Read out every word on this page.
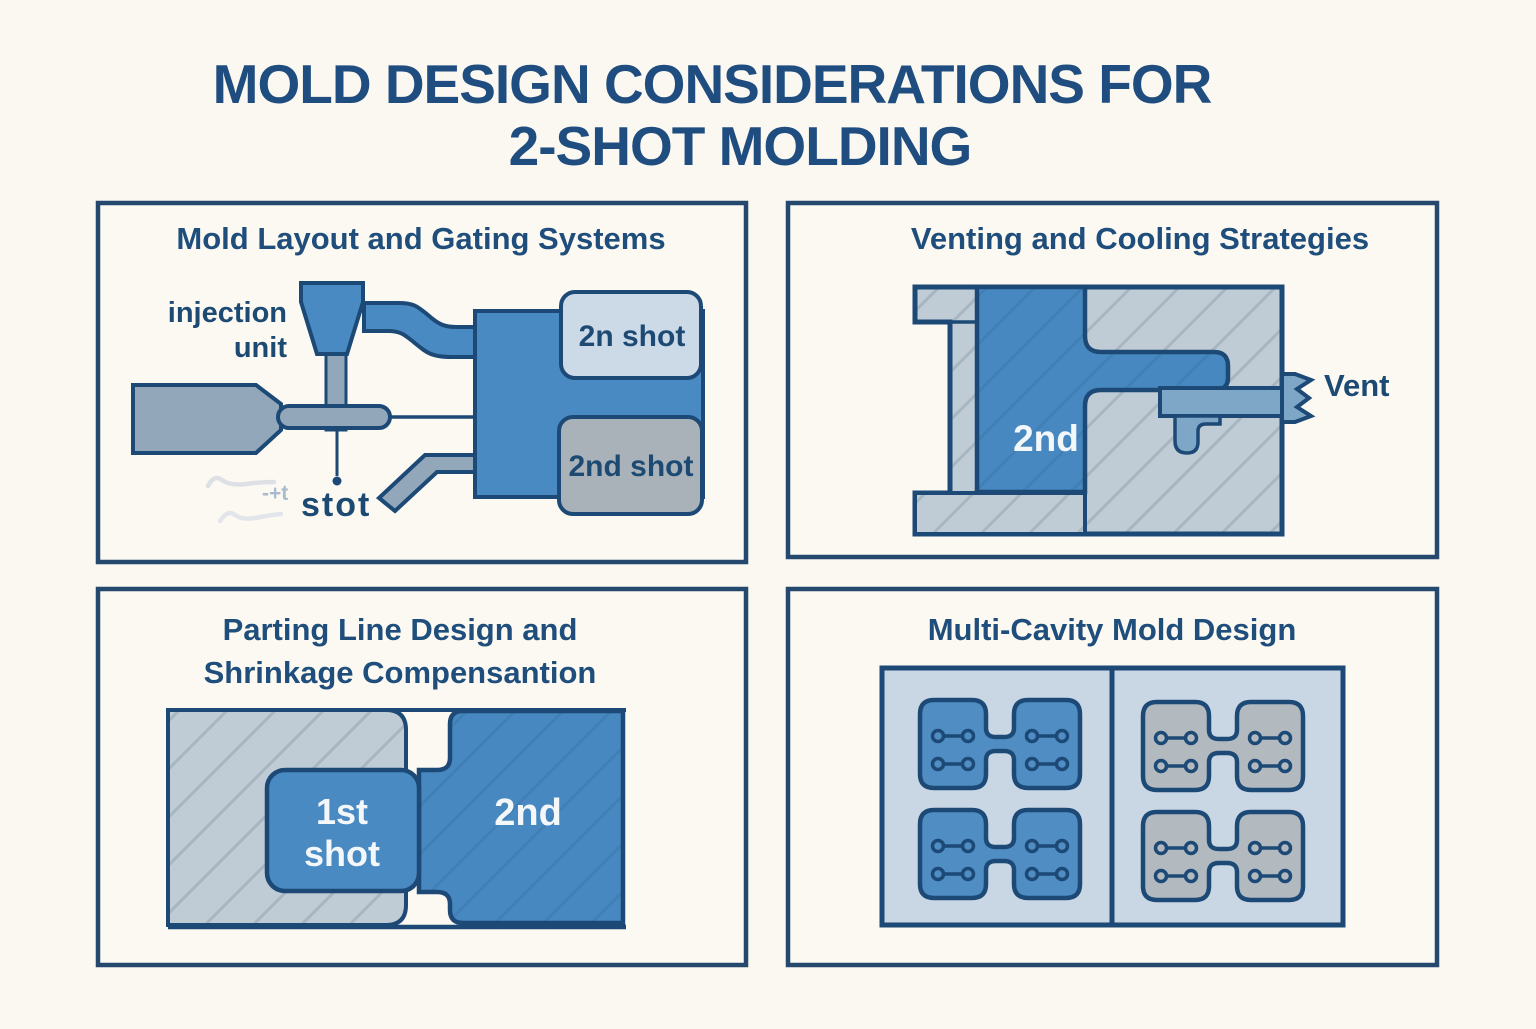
MOLD DESIGN CONSIDERATIONS FOR
2-SHOT MOLDING
Mold Layout and Gating Systems
2n shot
2nd shot
injection
unit
-+t stot
Venting and Cooling Strategies
2nd
Vent
Parting Line Design and
Shrinkage Compensantion
1st
shot
2nd
Multi-Cavity Mold Design
